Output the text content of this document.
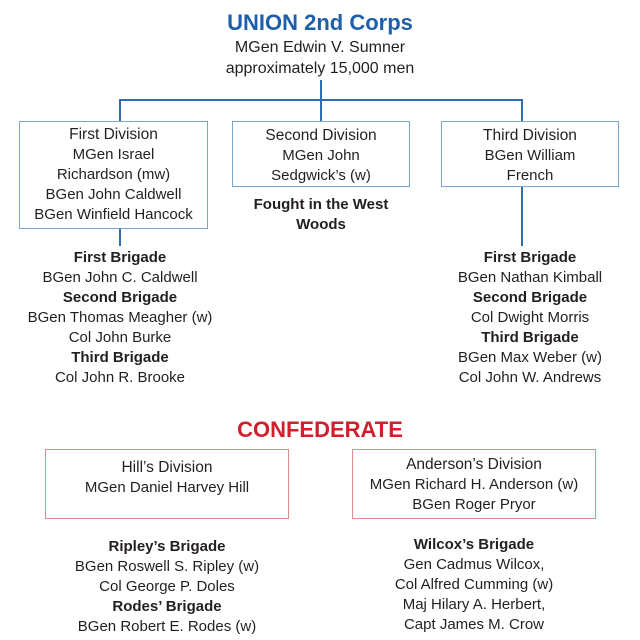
UNION 2nd Corps
MGen Edwin V. Sumner
approximately 15,000 men
First Division
MGen Israel
Richardson (mw)
BGen John Caldwell
BGen Winfield Hancock
Second Division
MGen John
Sedgwick’s (w)
Fought in the West
Woods
Third Division
BGen William
French
First Brigade
BGen John C. Caldwell
Second Brigade
BGen Thomas Meagher (w)
Col John Burke
Third Brigade
Col John R. Brooke
First Brigade
BGen Nathan Kimball
Second Brigade
Col Dwight Morris
Third Brigade
BGen Max Weber (w)
Col John W. Andrews
CONFEDERATE
Hill’s Division
MGen Daniel Harvey Hill
Anderson’s Division
MGen Richard H. Anderson (w)
BGen Roger Pryor
Ripley’s Brigade
BGen Roswell S. Ripley (w)
Col George P. Doles
Rodes’ Brigade
BGen Robert E. Rodes (w)
Wilcox’s Brigade
Gen Cadmus Wilcox,
Col Alfred Cumming (w)
Maj Hilary A. Herbert,
Capt James M. Crow
